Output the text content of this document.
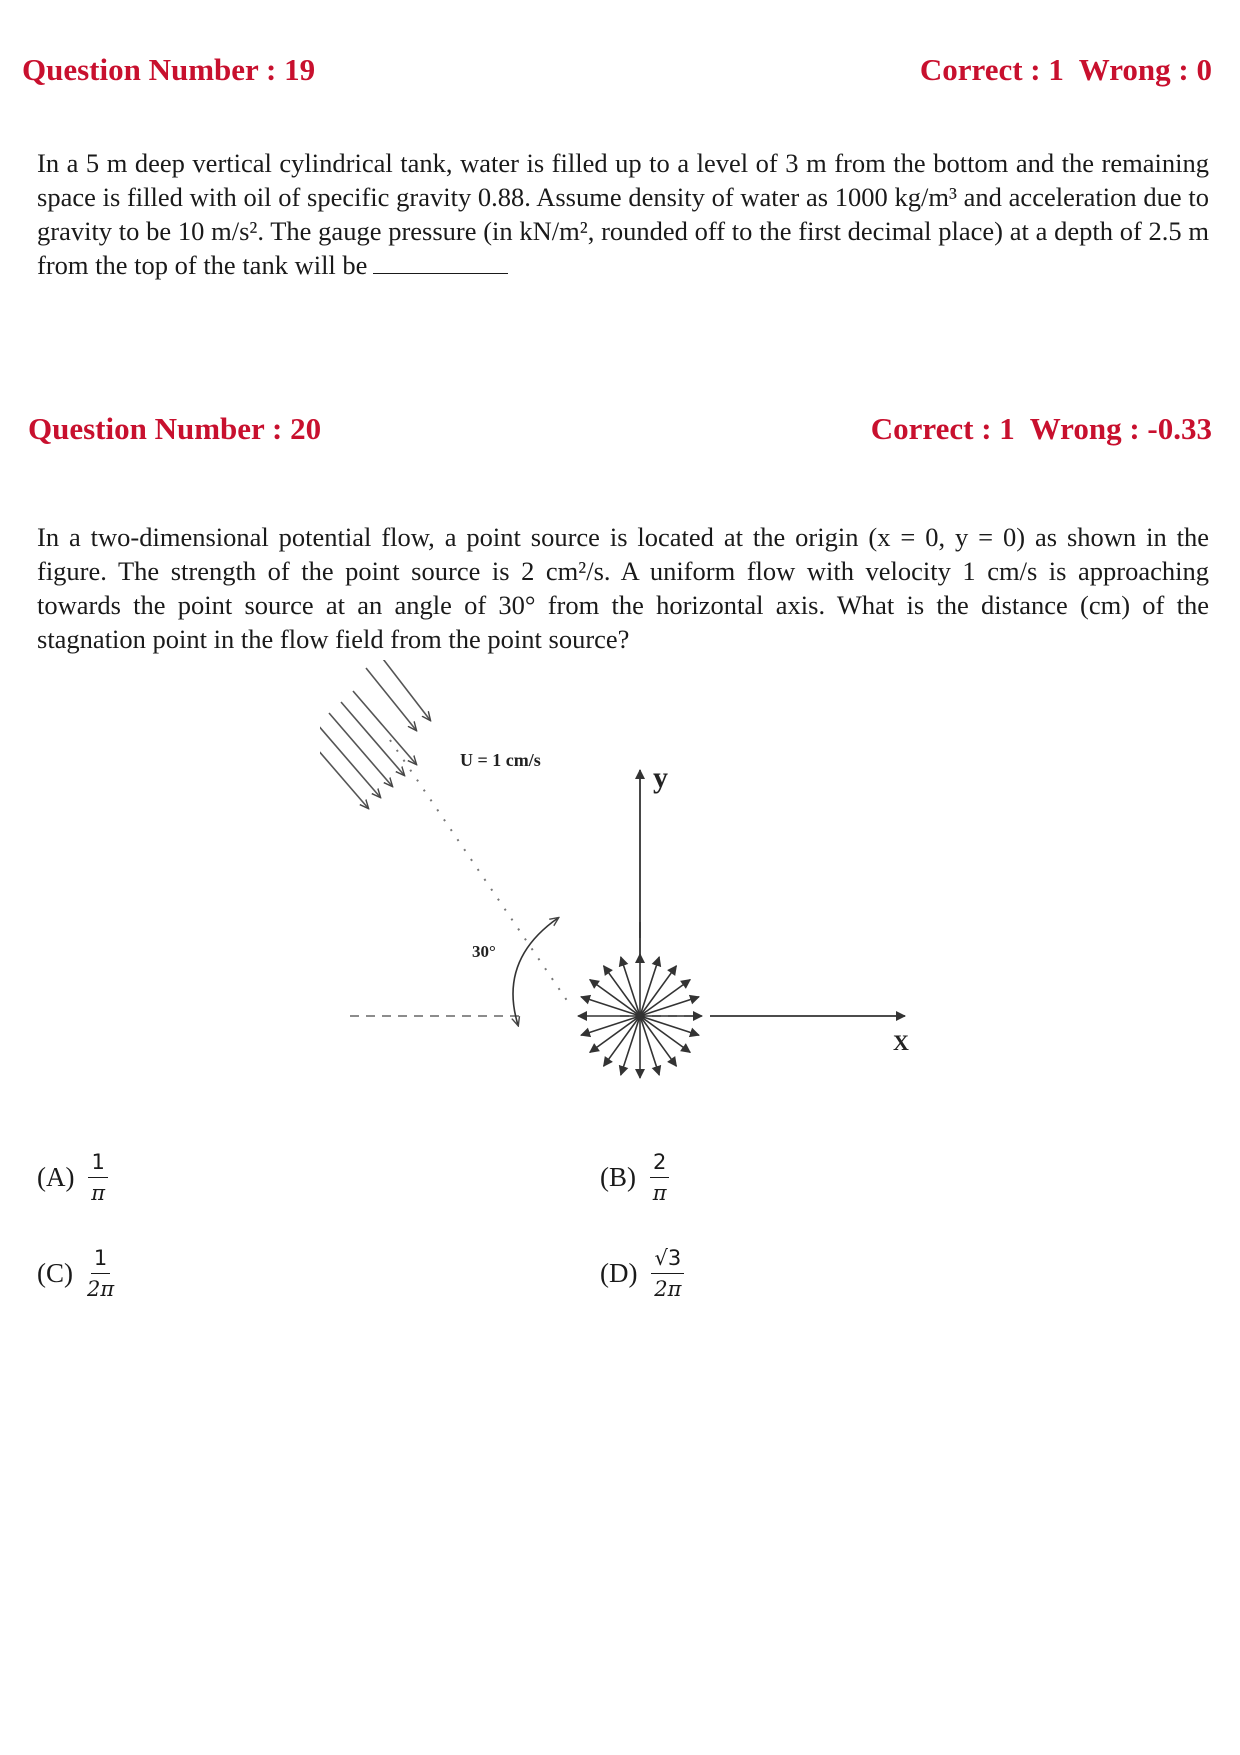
Question Number : 19	Correct : 1  Wrong : 0
In a 5 m deep vertical cylindrical tank, water is filled up to a level of 3 m from the bottom and the remaining space is filled with oil of specific gravity 0.88. Assume density of water as 1000 kg/m³ and acceleration due to gravity to be 10 m/s². The gauge pressure (in kN/m², rounded off to the first decimal place) at a depth of 2.5 m from the top of the tank will be
Question Number : 20	Correct : 1  Wrong : -0.33
In a two-dimensional potential flow, a point source is located at the origin (x = 0, y = 0) as shown in the figure. The strength of the point source is 2 cm²/s. A uniform flow with velocity 1 cm/s is approaching towards the point source at an angle of 30° from the horizontal axis. What is the distance (cm) of the stagnation point in the flow field from the point source?
U = 1 cm/s
X
y
30°
$(A) \frac{1}{\pi}$	$(B) \frac{2}{\pi}$
$(C) \frac{1}{2\pi}$	$(D) \frac{√3}{2\pi}$
